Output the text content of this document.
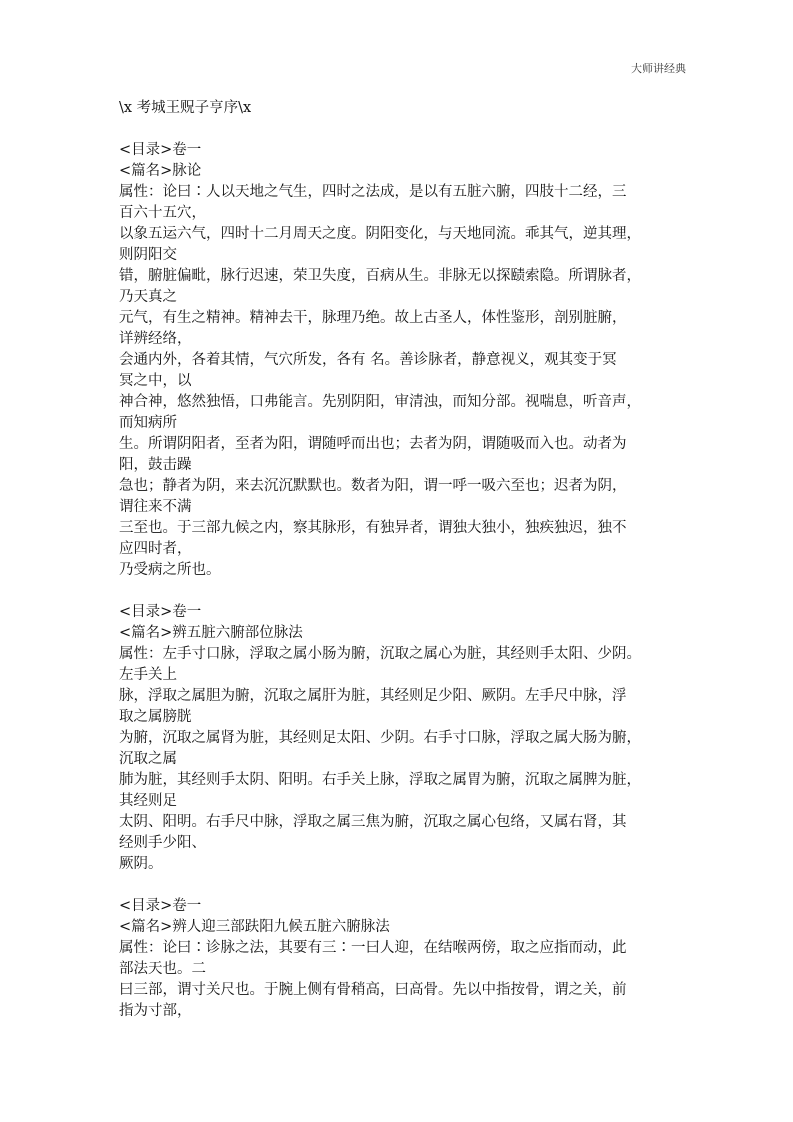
大师讲经典
\x 考城王贶子亨序\x
<目录>卷一
<篇名>脉论
属性：论曰∶人以天地之气生，四时之法成，是以有五脏六腑，四肢十二经，三
百六十五穴，
以象五运六气，四时十二月周天之度。阴阳变化，与天地同流。乖其气，逆其理，
则阴阳交
错，腑脏偏毗，脉行迟速，荣卫失度，百病从生。非脉无以探赜索隐。所谓脉者，
乃天真之
元气，有生之精神。精神去干，脉理乃绝。故上古圣人，体性鉴形，剖别脏腑，
详辨经络，
会通内外，各着其情，气穴所发，各有 名。善诊脉者，静意视义，观其变于冥
冥之中，以
神合神，悠然独悟，口弗能言。先别阴阳，审清浊，而知分部。视喘息，听音声，
而知病所
生。所谓阴阳者，至者为阳，谓随呼而出也；去者为阴，谓随吸而入也。动者为
阳，鼓击躁
急也；静者为阴，来去沉沉默默也。数者为阳，谓一呼一吸六至也；迟者为阴，
谓往来不满
三至也。于三部九候之内，察其脉形，有独异者，谓独大独小，独疾独迟，独不
应四时者，
乃受病之所也。
<目录>卷一
<篇名>辨五脏六腑部位脉法
属性：左手寸口脉，浮取之属小肠为腑，沉取之属心为脏，其经则手太阳、少阴。
左手关上
脉，浮取之属胆为腑，沉取之属肝为脏，其经则足少阳、厥阴。左手尺中脉，浮
取之属膀胱
为腑，沉取之属肾为脏，其经则足太阳、少阴。右手寸口脉，浮取之属大肠为腑，
沉取之属
肺为脏，其经则手太阴、阳明。右手关上脉，浮取之属胃为腑，沉取之属脾为脏，
其经则足
太阴、阳明。右手尺中脉，浮取之属三焦为腑，沉取之属心包络，又属右肾，其
经则手少阳、
厥阴。
<目录>卷一
<篇名>辨人迎三部趺阳九候五脏六腑脉法
属性：论曰∶诊脉之法，其要有三∶一曰人迎，在结喉两傍，取之应指而动，此
部法天也。二
曰三部，谓寸关尺也。于腕上侧有骨稍高，曰高骨。先以中指按骨，谓之关，前
指为寸部，
